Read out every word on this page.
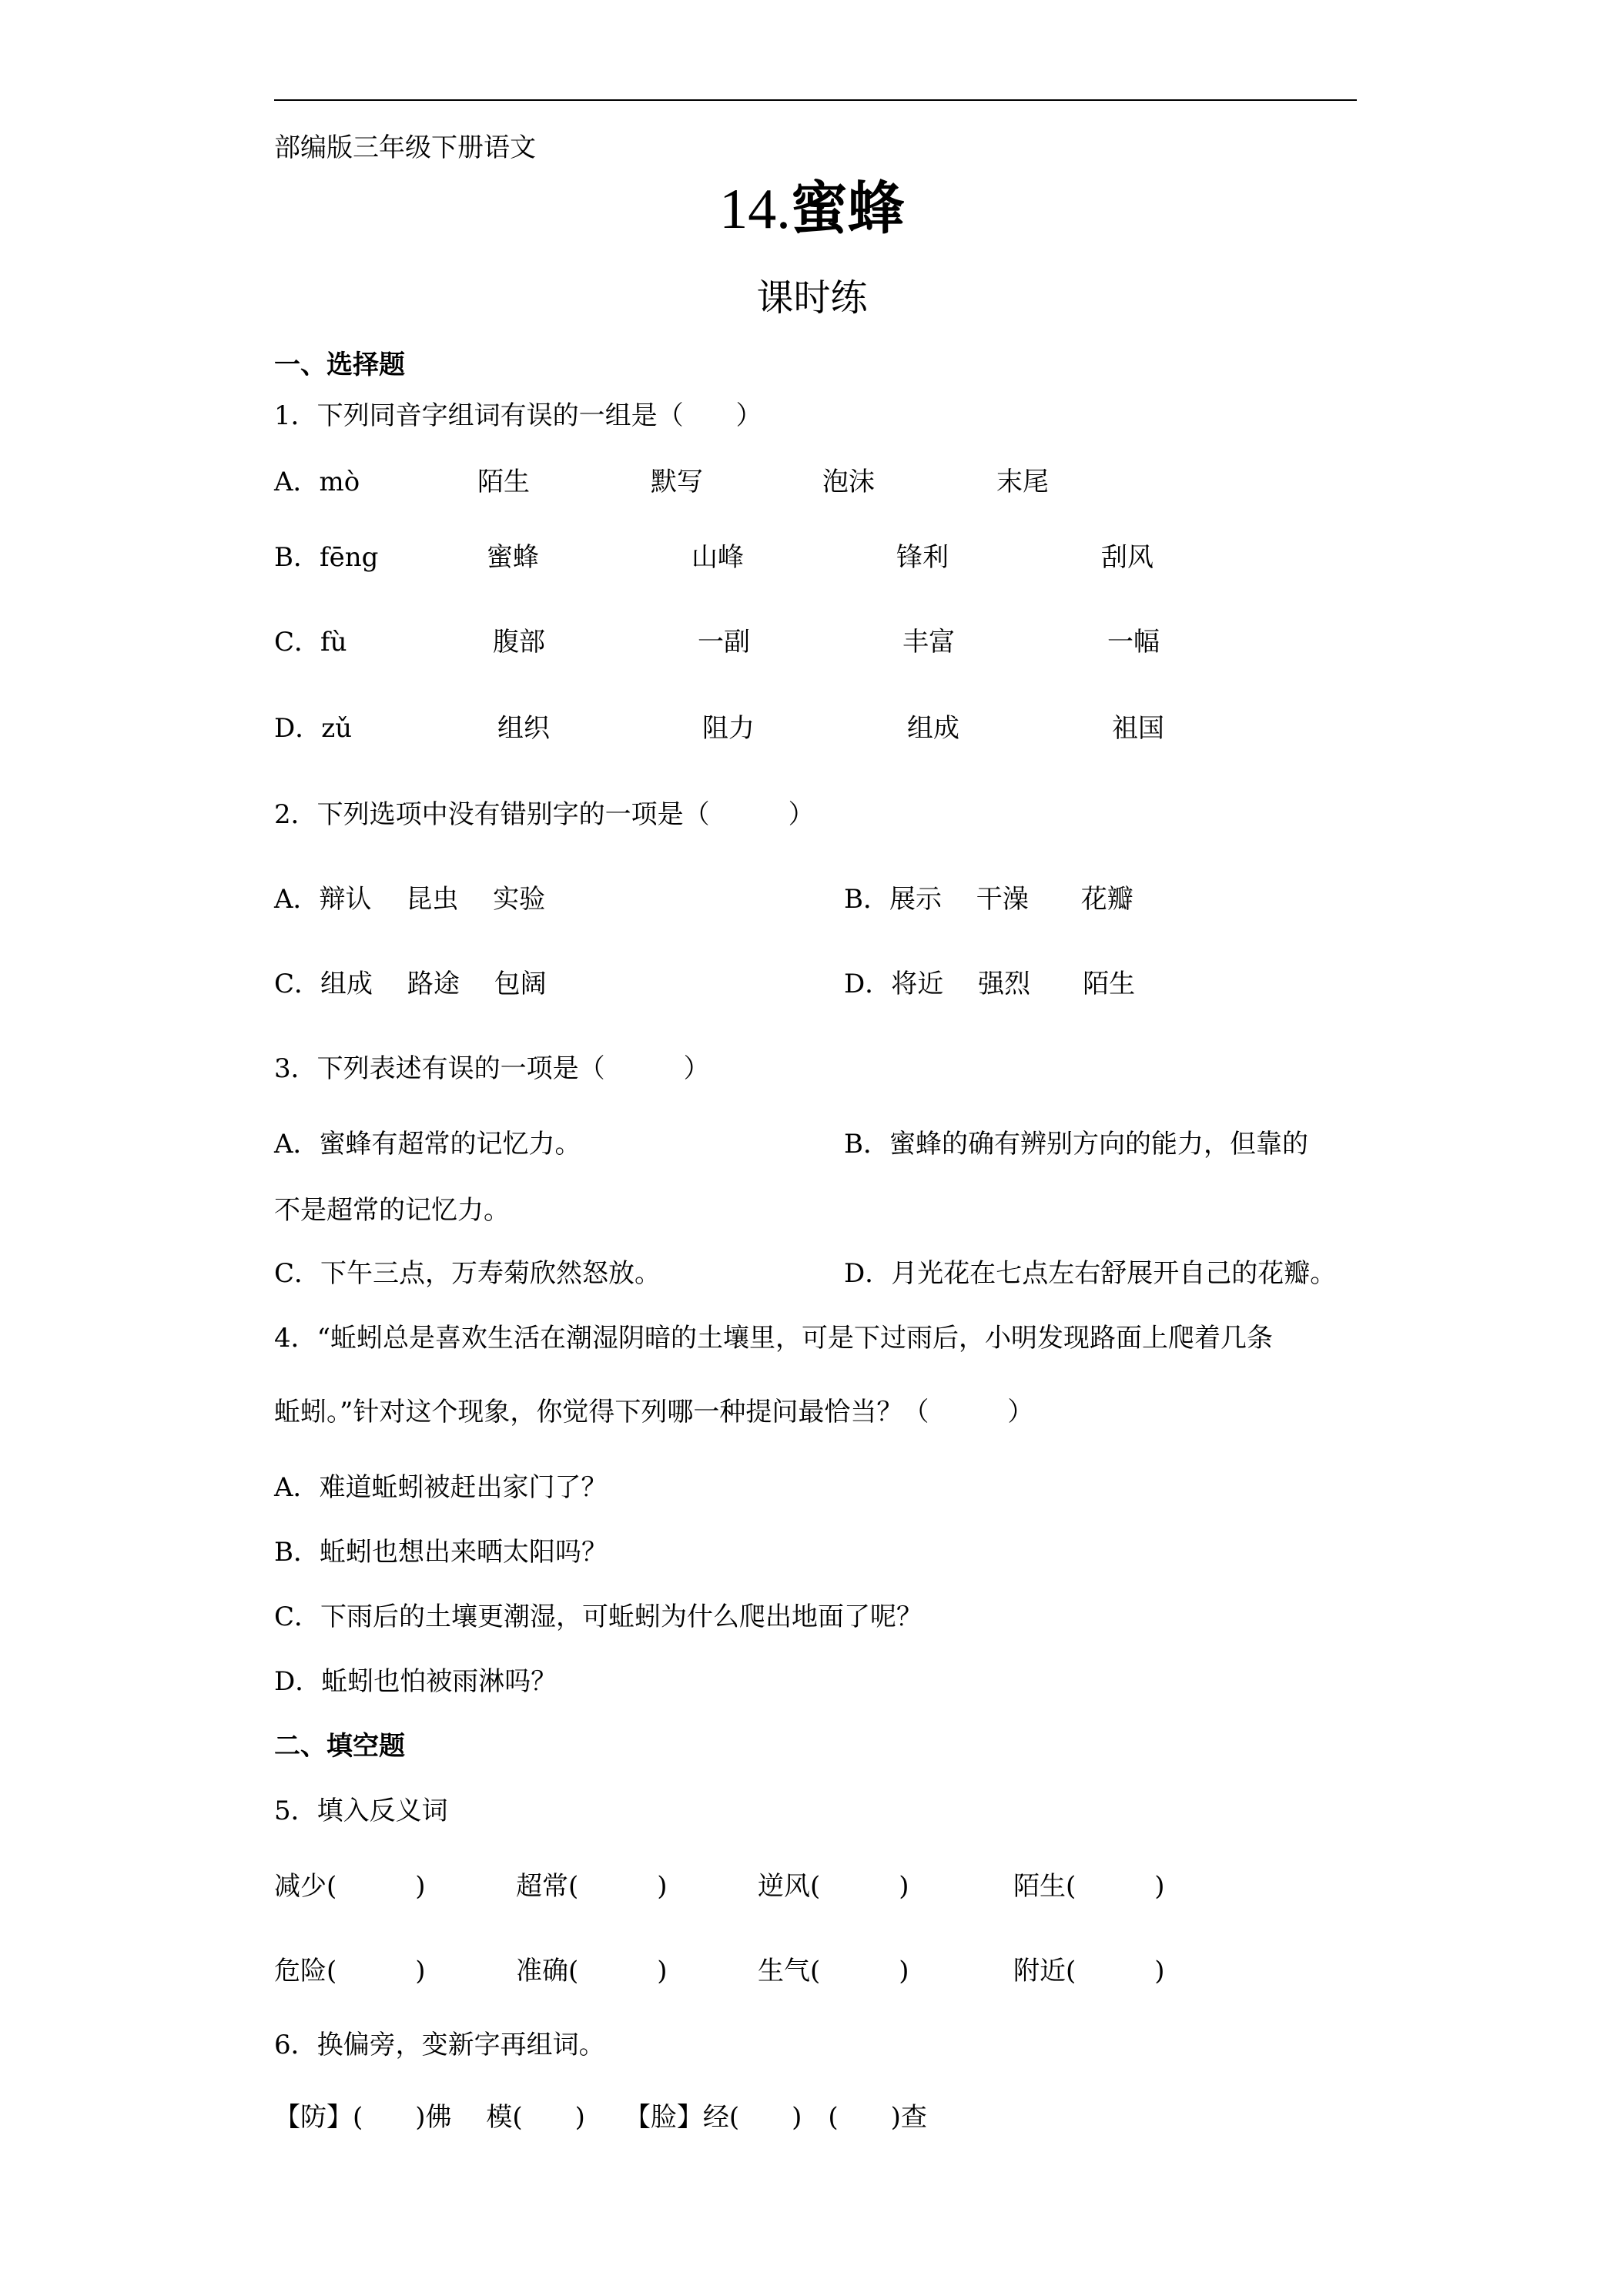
部编版三年级下册语文
14.蜜蜂
课时练
一、选择题
1．下列同音字组词有误的一组是（　　）
A．mò	陌生	默写	泡沫	末尾
B．fēng	蜜蜂	山峰	锋利	刮风
C．fù	腹部	一副	丰富	一幅
D．zǔ	组织	阻力	组成	祖国
2．下列选项中没有错别字的一项是（　　　）
A．辩认　 昆虫　 实验	B．展示　 干澡　　花瓣
C．组成　 路途　 包阔	D．将近　 强烈　　陌生
3．下列表述有误的一项是（　　　）
A．蜜蜂有超常的记忆力。	B．蜜蜂的确有辨别方向的能力，但靠的
不是超常的记忆力。
C．下午三点，万寿菊欣然怒放。	D．月光花在七点左右舒展开自己的花瓣。
4．“蚯蚓总是喜欢生活在潮湿阴暗的土壤里，可是下过雨后，小明发现路面上爬着几条
蚯蚓。”针对这个现象，你觉得下列哪一种提问最恰当？（　　　）
A．难道蚯蚓被赶出家门了？
B．蚯蚓也想出来晒太阳吗？
C．下雨后的土壤更潮湿，可蚯蚓为什么爬出地面了呢？
D．蚯蚓也怕被雨淋吗？
二、填空题
5．填入反义词
减少(　　　)	超常(　　　)	逆风(　　　)	陌生(　　　)
危险(　　　)	准确(　　　)	生气(　　　)	附近(　　　)
6．换偏旁，变新字再组词。
【防】(　　)佛　 模(　　)　　【脸】经(　　)　(　　)查
